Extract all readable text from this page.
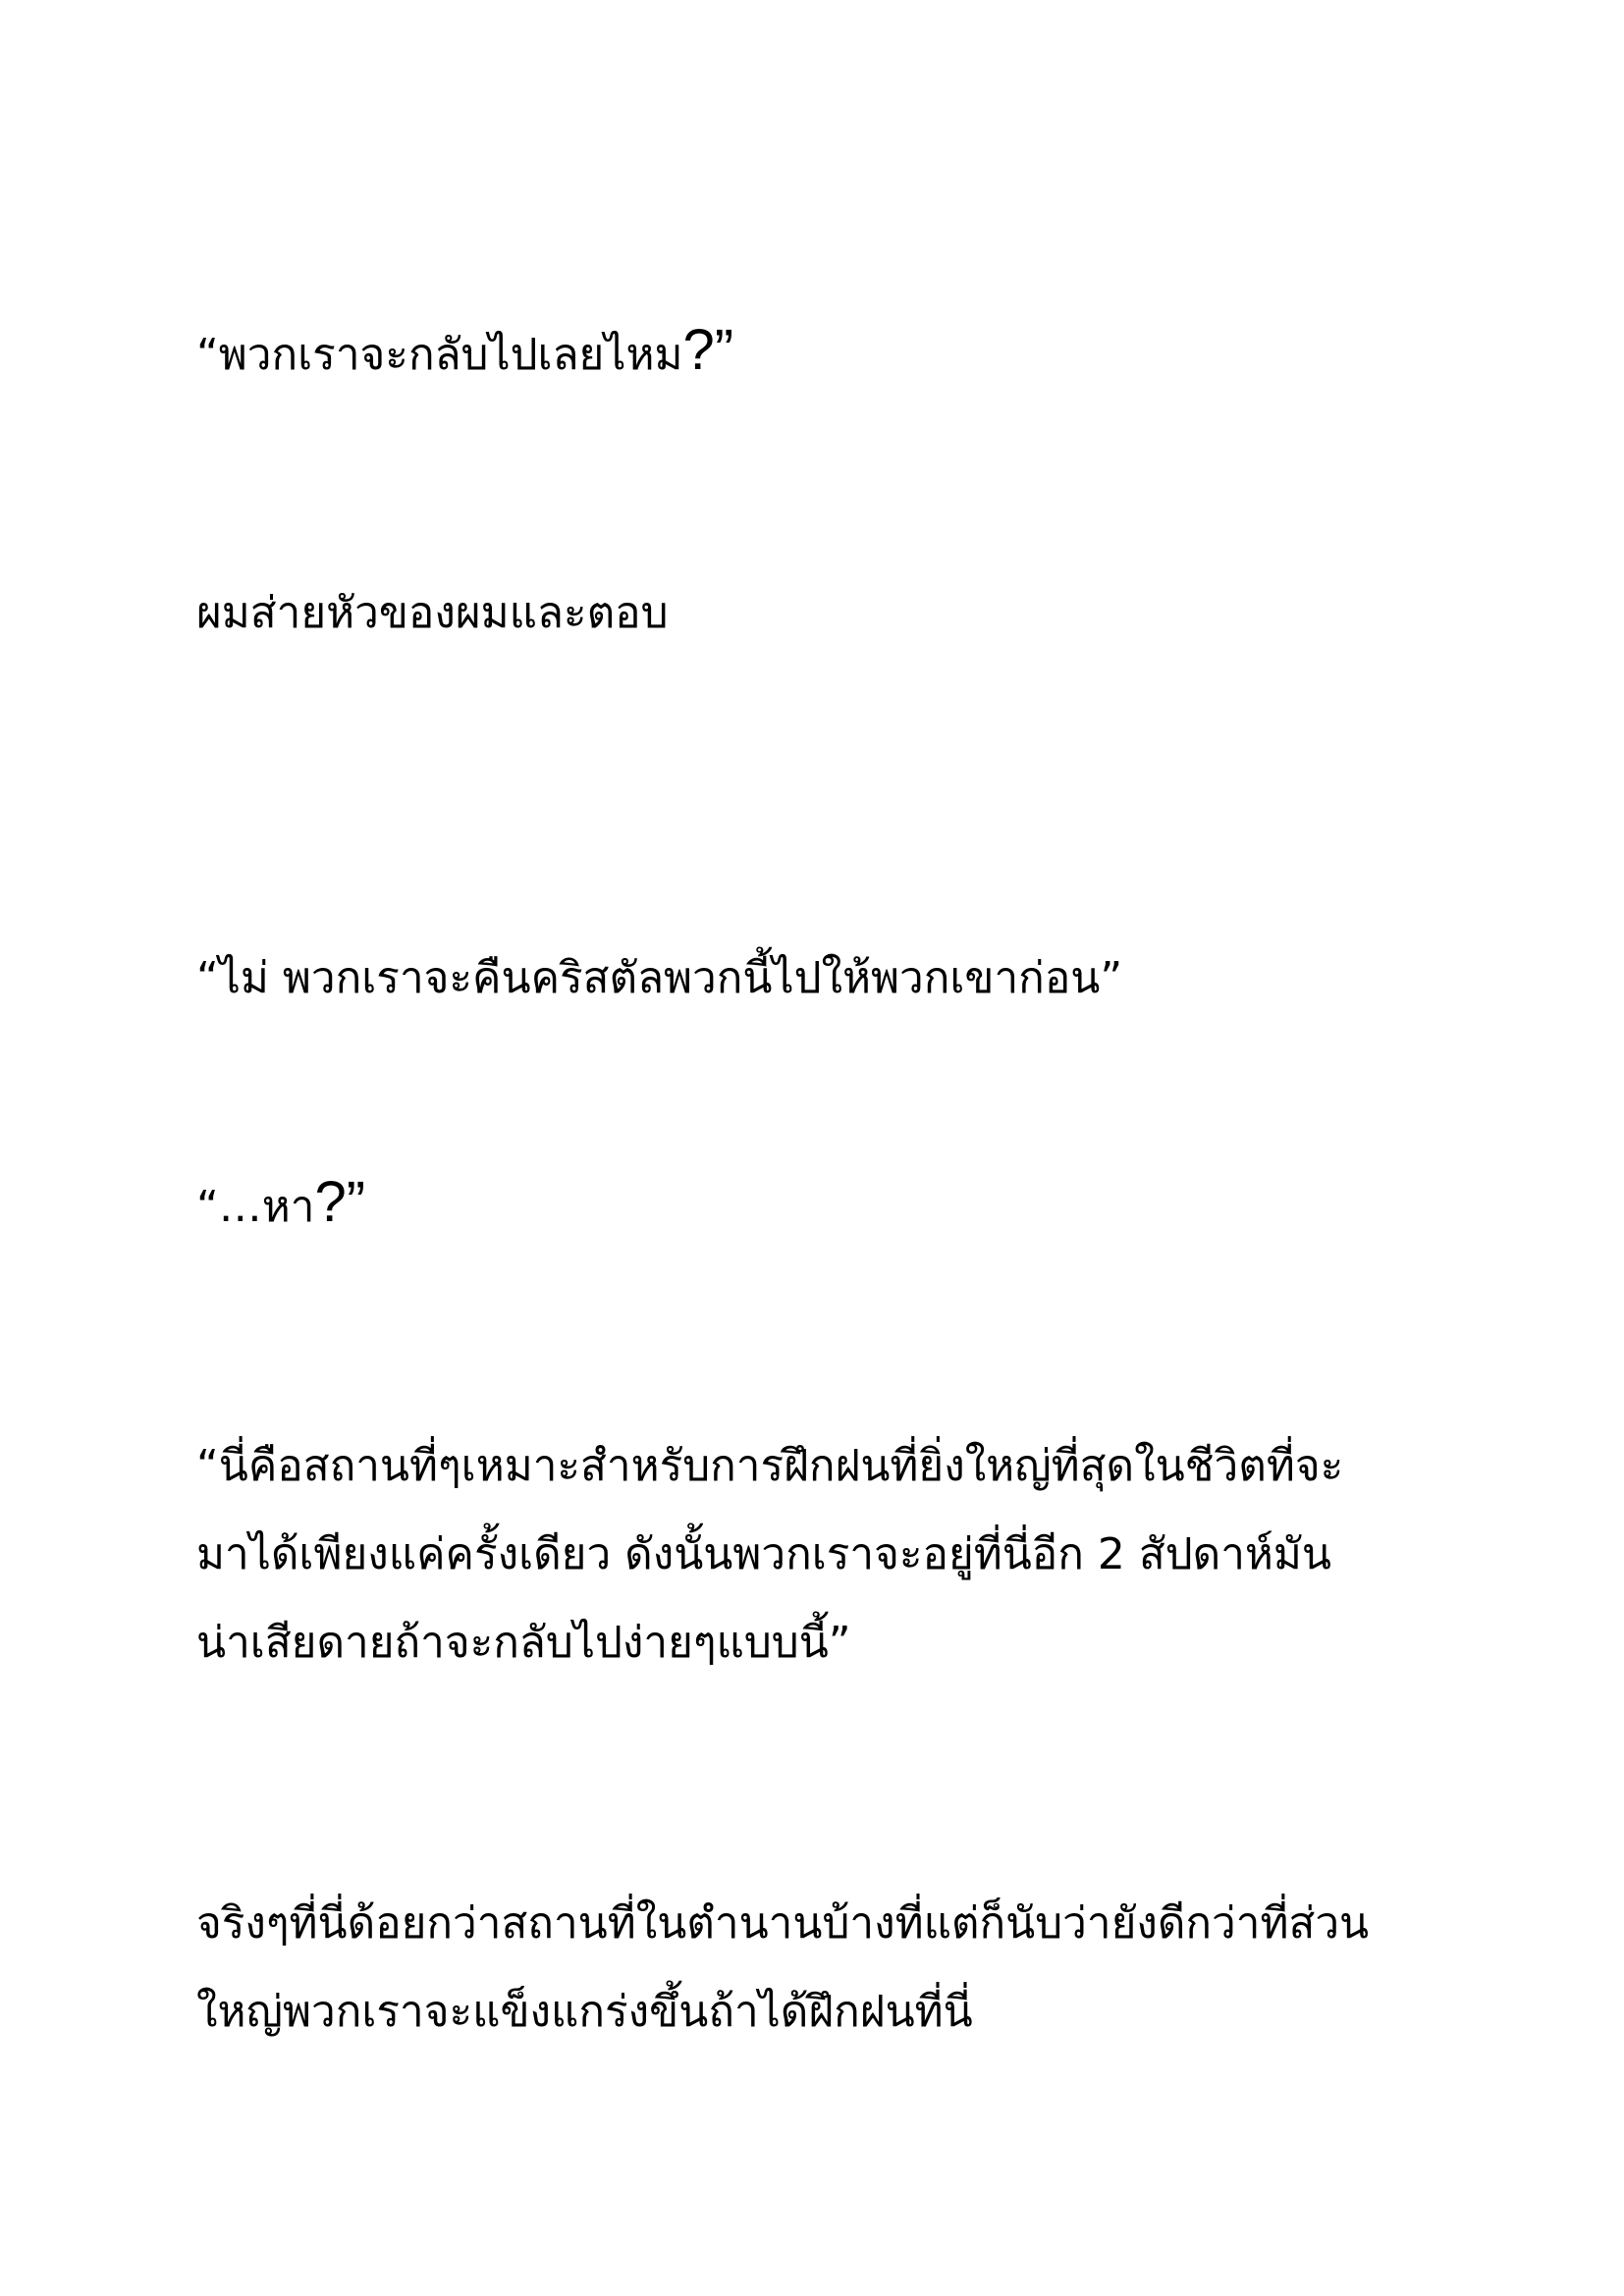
“พวกเราจะกลับไปเลยไหม?”

ผมส่ายหัวของผมและตอบ

“ไม่ พวกเราจะคืนคริสตัลพวกนี้ไปให้พวกเขาก่อน”

“…หา?”

“นี่คือสถานที่ๆเหมาะสำหรับการฝึกฝนที่ยิ่งใหญ่ที่สุดในชีวิตที่จะ
มาได้เพียงแค่ครั้งเดียว ดังนั้นพวกเราจะอยู่ที่นี่อีก 2 สัปดาห์มัน
น่าเสียดายถ้าจะกลับไปง่ายๆแบบนี้”

จริงๆที่นี่ด้อยกว่าสถานที่ในตำนานบ้างที่แต่ก็นับว่ายังดีกว่าที่ส่วน
ใหญ่พวกเราจะแข็งแกร่งขึ้นถ้าได้ฝึกฝนที่นี่
